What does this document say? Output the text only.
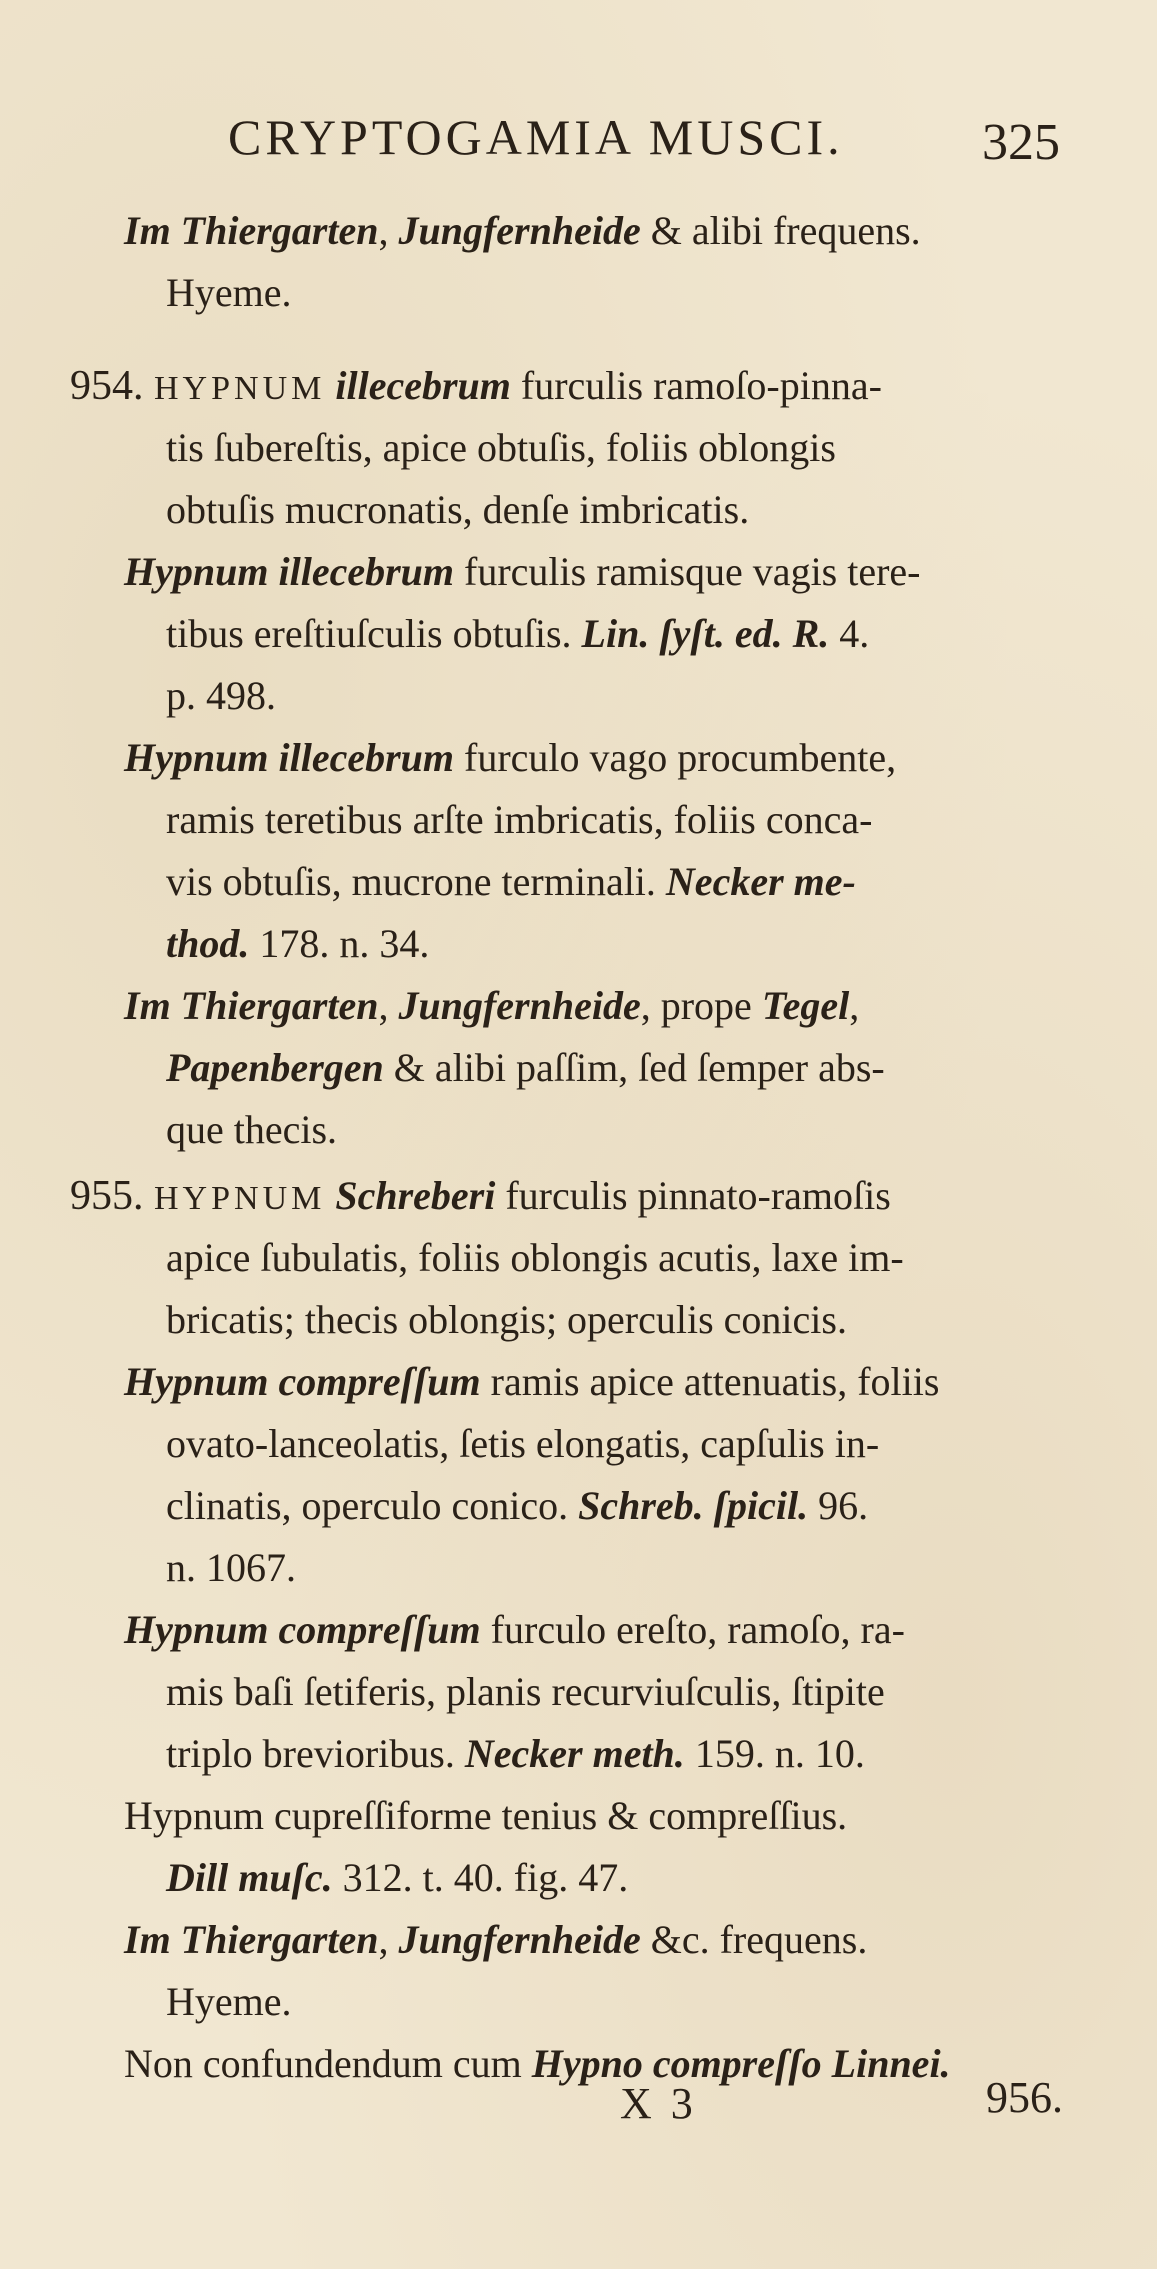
CRYPTOGAMIA MUSCI.	325
Im Thiergarten, Jungfernheide & alibi frequens.
Hyeme.
954. HYPNUM illecebrum furculis ramoſo-pinna-
tis ſubereſtis, apice obtuſis, foliis oblongis
obtuſis mucronatis, denſe imbricatis.
Hypnum illecebrum furculis ramisque vagis tere-
tibus ereſtiuſculis obtuſis. Lin. ſyſt. ed. R. 4.
p. 498.
Hypnum illecebrum furculo vago procumbente,
ramis teretibus arſte imbricatis, foliis conca-
vis obtuſis, mucrone terminali. Necker me-
thod. 178. n. 34.
Im Thiergarten, Jungfernheide, prope Tegel,
Papenbergen & alibi paſſim, ſed ſemper abs-
que thecis.
955. HYPNUM Schreberi furculis pinnato-ramoſis
apice ſubulatis, foliis oblongis acutis, laxe im-
bricatis; thecis oblongis; operculis conicis.
Hypnum compreſſum ramis apice attenuatis, foliis
ovato-lanceolatis, ſetis elongatis, capſulis in-
clinatis, operculo conico. Schreb. ſpicil. 96.
n. 1067.
Hypnum compreſſum furculo ereſto, ramoſo, ra-
mis baſi ſetiferis, planis recurviuſculis, ſtipite
triplo brevioribus. Necker meth. 159. n. 10.
Hypnum cupreſſiforme tenius & compreſſius.
Dill muſc. 312. t. 40. fig. 47.
Im Thiergarten, Jungfernheide &c. frequens.
Hyeme.
Non confundendum cum Hypno compreſſo Linnei.
X 3	956.
